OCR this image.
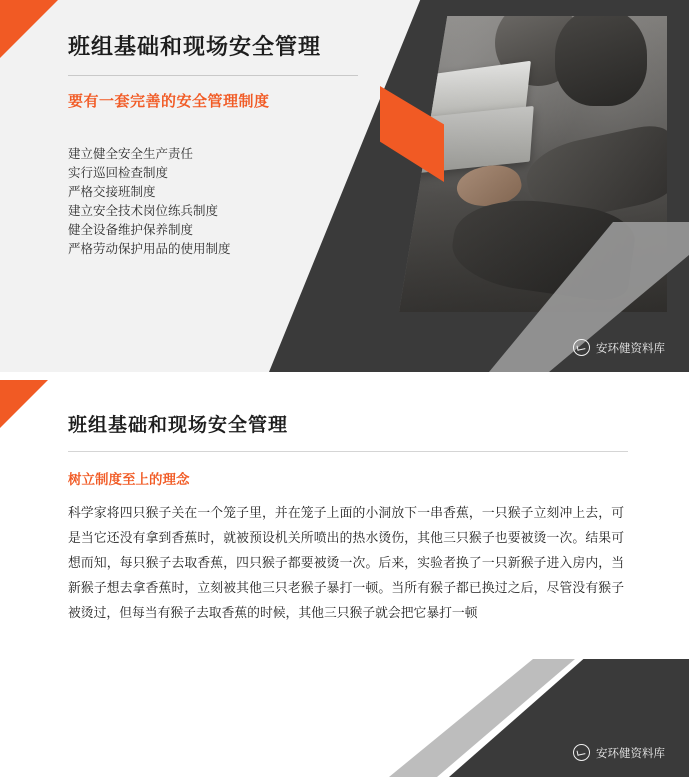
班组基础和现场安全管理
要有一套完善的安全管理制度
建立健全安全生产责任
实行巡回检查制度
严格交接班制度
建立安全技术岗位练兵制度
健全设备维护保养制度
严格劳动保护用品的使用制度
安环健资料库
班组基础和现场安全管理
树立制度至上的理念

科学家将四只猴子关在一个笼子里，并在笼子上面的小洞放下一串香蕉，一只猴子立刻冲上去，可是当它还没有拿到香蕉时，就被预设机关所喷出的热水烫伤，其他三只猴子也要被烫一次。结果可想而知，每只猴子去取香蕉，四只猴子都要被烫一次。后来，实验者换了一只新猴子进入房内，当新猴子想去拿香蕉时，立刻被其他三只老猴子暴打一顿。当所有猴子都已换过之后，尽管没有猴子被烫过，但每当有猴子去取香蕉的时候，其他三只猴子就会把它暴打一顿

安环健资料库
